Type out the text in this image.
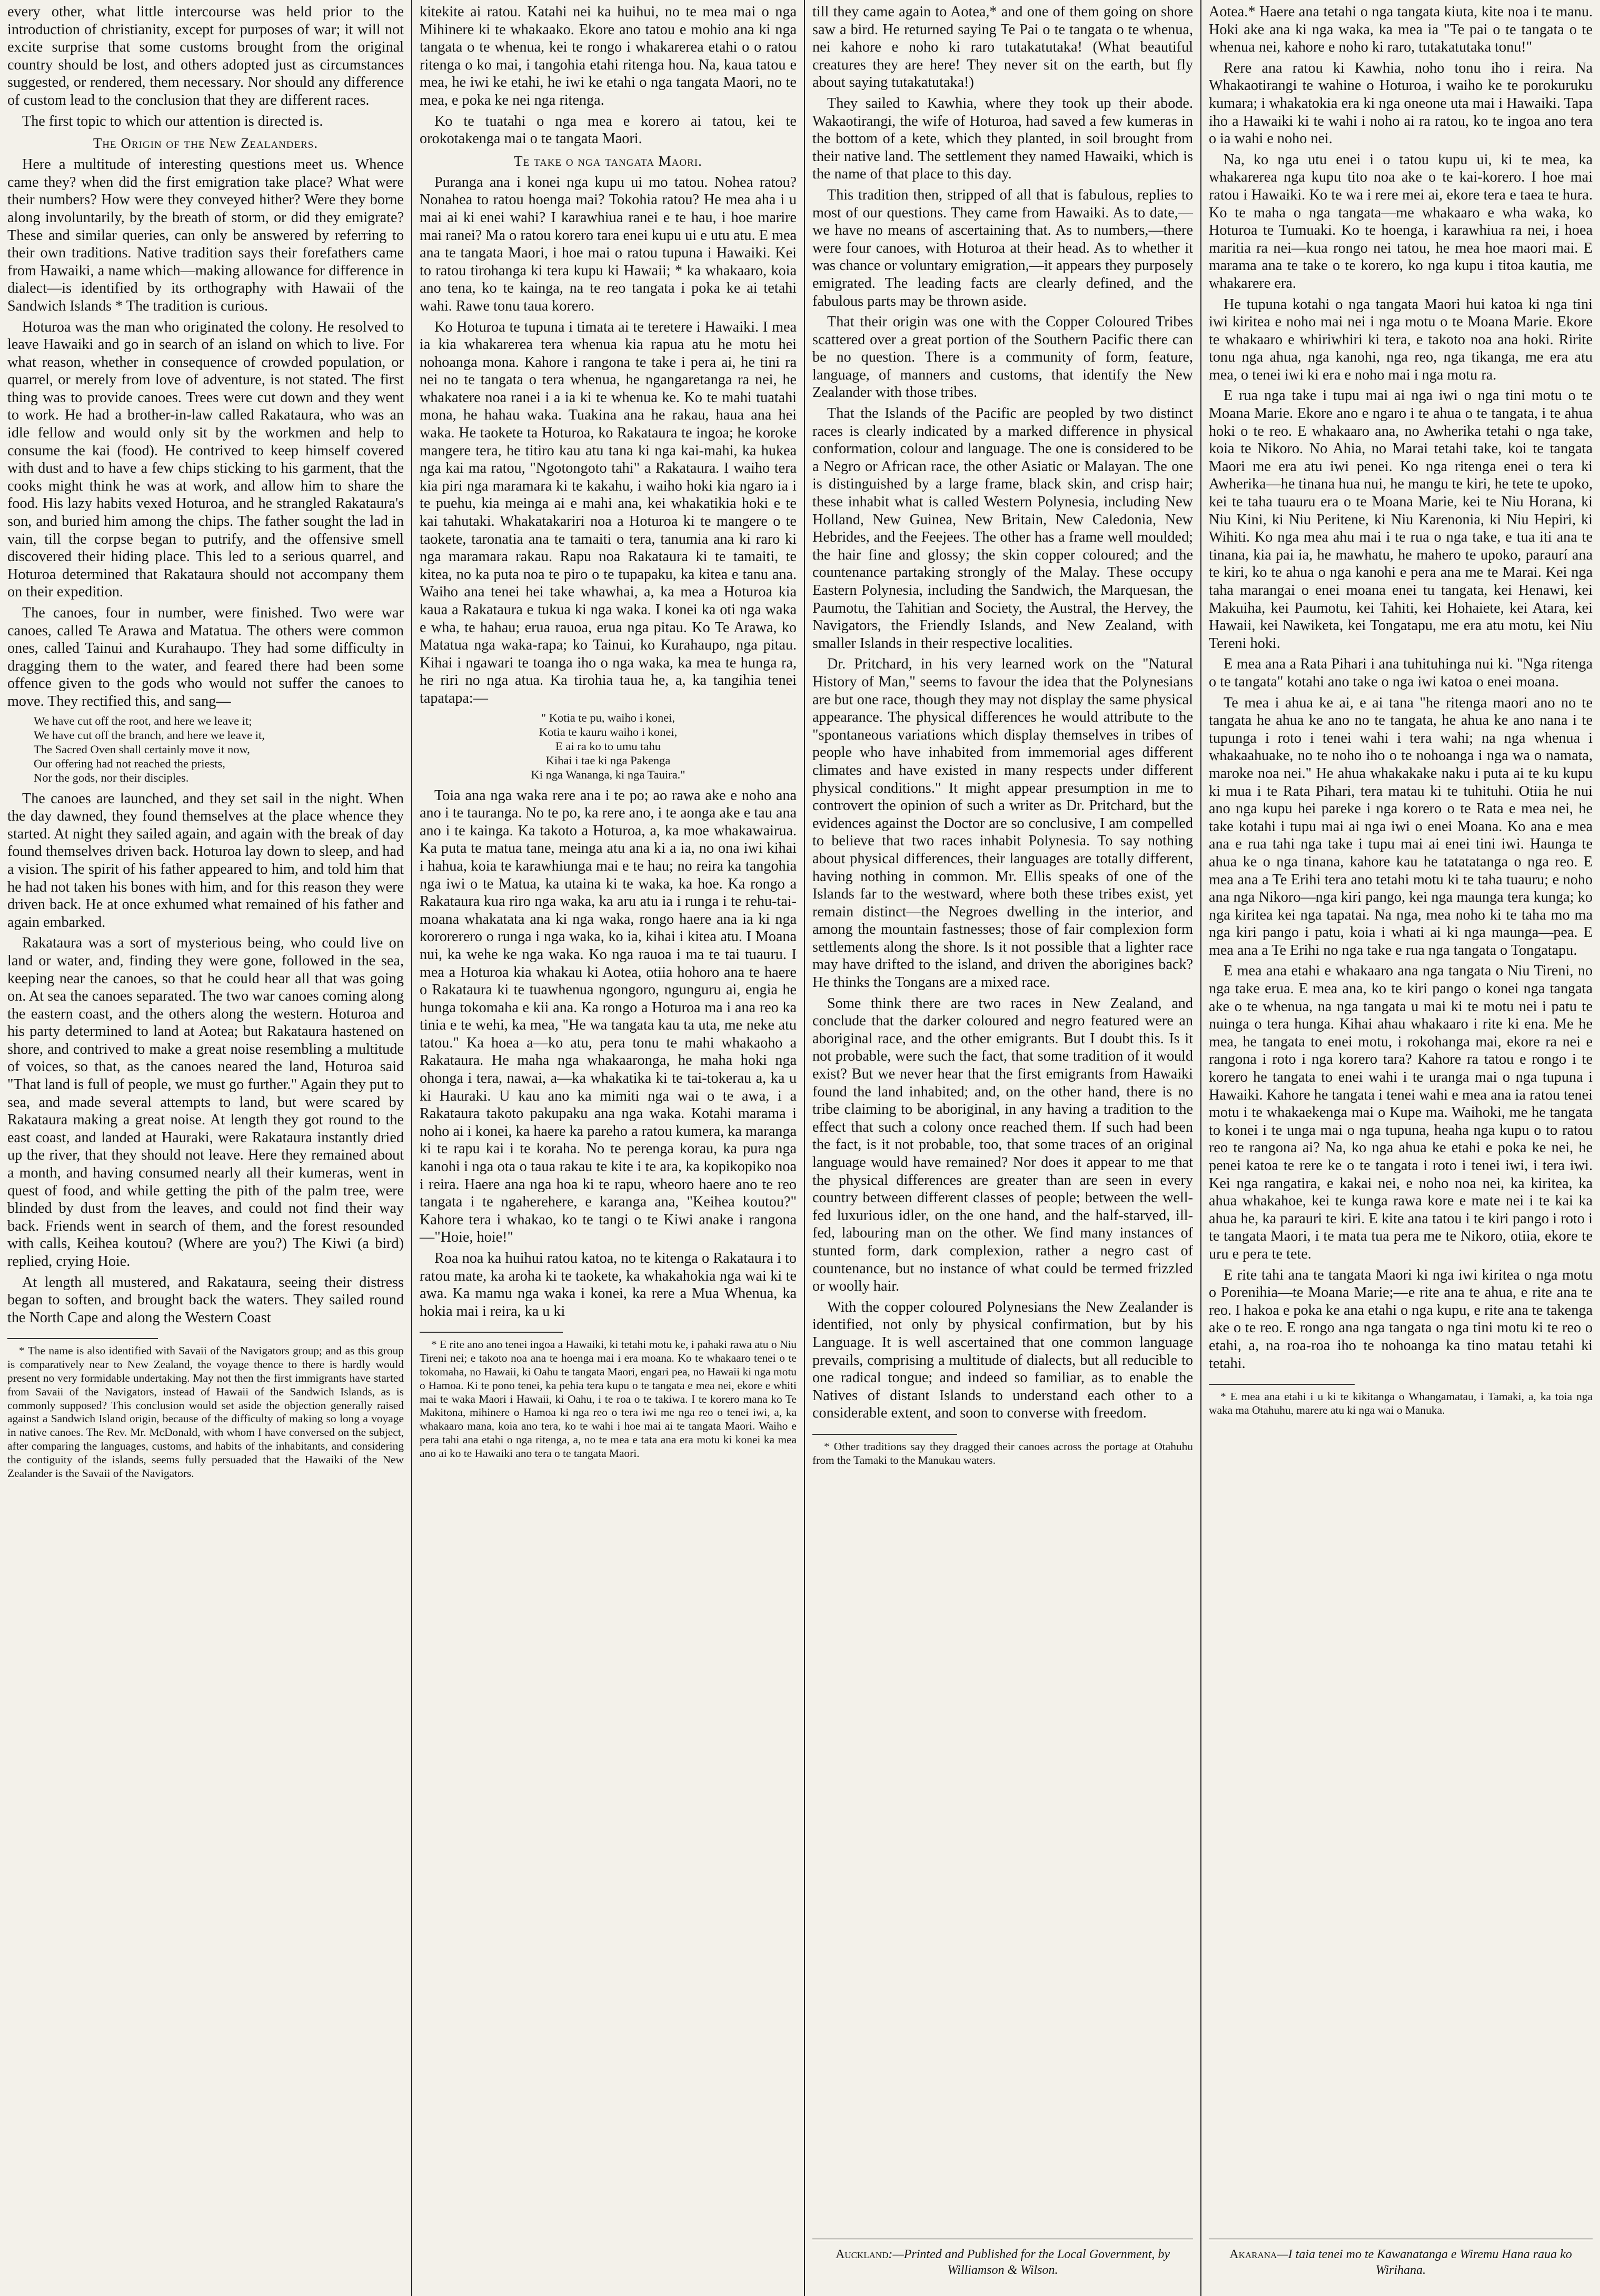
every other, what little intercourse was held prior to the introduction of christianity, except for purposes of war; it will not excite surprise that some customs brought from the original country should be lost, and others adopted just as circumstances suggested, or rendered, them necessary. Nor should any difference of custom lead to the conclusion that they are different races.

The first topic to which our attention is directed is.

The Origin of the New Zealanders.

Here a multitude of interesting questions meet us. Whence came they? when did the first emigration take place? What were their numbers? How were they conveyed hither? Were they borne along involuntarily, by the breath of storm, or did they emigrate? These and similar queries, can only be answered by referring to their own traditions. Native tradition says their forefathers came from Hawaiki, a name which—making allowance for difference in dialect—is identified by its orthography with Hawaii of the Sandwich Islands * The tradition is curious.

Hoturoa was the man who originated the colony. He resolved to leave Hawaiki and go in search of an island on which to live. For what reason, whether in consequence of crowded population, or quarrel, or merely from love of adventure, is not stated. The first thing was to provide canoes. Trees were cut down and they went to work. He had a brother-in-law called Rakataura, who was an idle fellow and would only sit by the workmen and help to consume the kai (food). He contrived to keep himself covered with dust and to have a few chips sticking to his garment, that the cooks might think he was at work, and allow him to share the food. His lazy habits vexed Hoturoa, and he strangled Rakataura's son, and buried him among the chips. The father sought the lad in vain, till the corpse began to putrify, and the offensive smell discovered their hiding place. This led to a serious quarrel, and Hoturoa determined that Rakataura should not accompany them on their expedition.

The canoes, four in number, were finished. Two were war canoes, called Te Arawa and Matatua. The others were common ones, called Tainui and Kurahaupo. They had some difficulty in dragging them to the water, and feared there had been some offence given to the gods who would not suffer the canoes to move. They rectified this, and sang—

We have cut off the root, and here we leave it;
We have cut off the branch, and here we leave it,
The Sacred Oven shall certainly move it now,
Our offering had not reached the priests,
Nor the gods, nor their disciples.

The canoes are launched, and they set sail in the night. When the day dawned, they found themselves at the place whence they started. At night they sailed again, and again with the break of day found themselves driven back. Hoturoa lay down to sleep, and had a vision. The spirit of his father appeared to him, and told him that he had not taken his bones with him, and for this reason they were driven back. He at once exhumed what remained of his father and again embarked.

Rakataura was a sort of mysterious being, who could live on land or water, and, finding they were gone, followed in the sea, keeping near the canoes, so that he could hear all that was going on. At sea the canoes separated. The two war canoes coming along the eastern coast, and the others along the western. Hoturoa and his party determined to land at Aotea; but Rakataura hastened on shore, and contrived to make a great noise resembling a multitude of voices, so that, as the canoes neared the land, Hoturoa said "That land is full of people, we must go further." Again they put to sea, and made several attempts to land, but were scared by Rakataura making a great noise. At length they got round to the east coast, and landed at Hauraki, were Rakataura instantly dried up the river, that they should not leave. Here they remained about a month, and having consumed nearly all their kumeras, went in quest of food, and while getting the pith of the palm tree, were blinded by dust from the leaves, and could not find their way back. Friends went in search of them, and the forest resounded with calls, Keihea koutou? (Where are you?) The Kiwi (a bird) replied, crying Hoie.

At length all mustered, and Rakataura, seeing their distress began to soften, and brought back the waters. They sailed round the North Cape and along the Western Coast

* The name is also identified with Savaii of the Navigators group; and as this group is comparatively near to New Zealand, the voyage thence to there is hardly would present no very formidable undertaking. May not then the first immigrants have started from Savaii of the Navigators, instead of Hawaii of the Sandwich Islands, as is commonly supposed? This conclusion would set aside the objection generally raised against a Sandwich Island origin, because of the difficulty of making so long a voyage in native canoes. The Rev. Mr. McDonald, with whom I have conversed on the subject, after comparing the languages, customs, and habits of the inhabitants, and considering the contiguity of the islands, seems fully persuaded that the Hawaiki of the New Zealander is the Savaii of the Navigators.

kitekite ai ratou. Katahi nei ka huihui, no te mea mai o nga Mihinere ki te whakaako. Ekore ano tatou e mohio ana ki nga tangata o te whenua, kei te rongo i whakarerea etahi o o ratou ritenga o ko mai, i tangohia etahi ritenga hou. Na, kaua tatou e mea, he iwi ke etahi, he iwi ke etahi o nga tangata Maori, no te mea, e poka ke nei nga ritenga.

Ko te tuatahi o nga mea e korero ai tatou, kei te orokotakenga mai o te tangata Maori.

Te take o nga tangata Maori.

Puranga ana i konei nga kupu ui mo tatou. Nohea ratou? Nonahea to ratou hoenga mai? Tokohia ratou? He mea aha i u mai ai ki enei wahi? I karawhiua ranei e te hau, i hoe marire mai ranei? Ma o ratou korero tara enei kupu ui e utu atu. E mea ana te tangata Maori, i hoe mai o ratou tupuna i Hawaiki. Kei to ratou tirohanga ki tera kupu ki Hawaii; * ka whakaaro, koia ano tena, ko te kainga, na te reo tangata i poka ke ai tetahi wahi. Rawe tonu taua korero.

Ko Hoturoa te tupuna i timata ai te teretere i Hawaiki. I mea ia kia whakarerea tera whenua kia rapua atu he motu hei nohoanga mona. Kahore i rangona te take i pera ai, he tini ra nei no te tangata o tera whenua, he ngangaretanga ra nei, he whakatere noa ranei i a ia ki te whenua ke. Ko te mahi tuatahi mona, he hahau waka. Tuakina ana he rakau, haua ana hei waka. He taokete ta Hoturoa, ko Rakataura te ingoa; he koroke mangere tera, he titiro kau atu tana ki nga kai-mahi, ka hukea nga kai ma ratou, "Ngotongoto tahi" a Rakataura. I waiho tera kia piri nga maramara ki te kakahu, i waiho hoki kia ngaro ia i te puehu, kia meinga ai e mahi ana, kei whakatikia hoki e te kai tahutaki. Whakatakariri noa a Hoturoa ki te mangere o te taokete, taronatia ana te tamaiti o tera, tanumia ana ki raro ki nga maramara rakau. Rapu noa Rakataura ki te tamaiti, te kitea, no ka puta noa te piro o te tupapaku, ka kitea e tanu ana. Waiho ana tenei hei take whawhai, a, ka mea a Hoturoa kia kaua a Rakataura e tukua ki nga waka. I konei ka oti nga waka e wha, te hahau; erua rauoa, erua nga pitau. Ko Te Arawa, ko Matatua nga waka-rapa; ko Tainui, ko Kurahaupo, nga pitau. Kihai i ngawari te toanga iho o nga waka, ka mea te hunga ra, he riri no nga atua. Ka tirohia taua he, a, ka tangihia tenei tapatapa:—

" Kotia te pu, waiho i konei,
Kotia te kauru waiho i konei,
E ai ra ko to umu tahu
Kihai i tae ki nga Pakenga
Ki nga Wananga, ki nga Tauira."

Toia ana nga waka rere ana i te po; ao rawa ake e noho ana ano i te tauranga. No te po, ka rere ano, i te aonga ake e tau ana ano i te kainga. Ka takoto a Hoturoa, a, ka moe whakawairua. Ka puta te matua tane, meinga atu ana ki a ia, no ona iwi kihai i hahua, koia te karawhiunga mai e te hau; no reira ka tangohia nga iwi o te Matua, ka utaina ki te waka, ka hoe. Ka rongo a Rakataura kua riro nga waka, ka aru atu ia i runga i te rehu-tai-moana whakatata ana ki nga waka, rongo haere ana ia ki nga kororerero o runga i nga waka, ko ia, kihai i kitea atu. I Moana nui, ka wehe ke nga waka. Ko nga rauoa i ma te tai tuauru. I mea a Hoturoa kia whakau ki Aotea, otiia hohoro ana te haere o Rakataura ki te tuawhenua ngongoro, ngunguru ai, engia he hunga tokomaha e kii ana. Ka rongo a Hoturoa ma i ana reo ka tinia e te wehi, ka mea, "He wa tangata kau ta uta, me neke atu tatou." Ka hoea a—ko atu, pera tonu te mahi whakaoho a Rakataura. He maha nga whakaaronga, he maha hoki nga ohonga i tera, nawai, a—ka whakatika ki te tai-tokerau a, ka u ki Hauraki. U kau ano ka mimiti nga wai o te awa, i a Rakataura takoto pakupaku ana nga waka. Kotahi marama i noho ai i konei, ka haere ka pareho a ratou kumera, ka maranga ki te rapu kai i te koraha. No te perenga korau, ka pura nga kanohi i nga ota o taua rakau te kite i te ara, ka kopikopiko noa i reira. Haere ana nga hoa ki te rapu, wheoro haere ano te reo tangata i te ngaherehere, e karanga ana, "Keihea koutou?" Kahore tera i whakao, ko te tangi o te Kiwi anake i rangona—"Hoie, hoie!"

Roa noa ka huihui ratou katoa, no te kitenga o Rakataura i to ratou mate, ka aroha ki te taokete, ka whakahokia nga wai ki te awa. Ka mamu nga waka i konei, ka rere a Mua Whenua, ka hokia mai i reira, ka u ki

* E rite ano ano tenei ingoa a Hawaiki, ki tetahi motu ke, i pahaki rawa atu o Niu Tireni nei; e takoto noa ana te hoenga mai i era moana. Ko te whakaaro tenei o te tokomaha, no Hawaii, ki Oahu te tangata Maori, engari pea, no Hawaii ki nga motu o Hamoa. Ki te pono tenei, ka pehia tera kupu o te tangata e mea nei, ekore e whiti mai te waka Maori i Hawaii, ki Oahu, i te roa o te takiwa. I te korero mana ko Te Makitona, mihinere o Hamoa ki nga reo o tera iwi me nga reo o tenei iwi, a, ka whakaaro mana, koia ano tera, ko te wahi i hoe mai ai te tangata Maori. Waiho e pera tahi ana etahi o nga ritenga, a, no te mea e tata ana era motu ki konei ka mea ano ai ko te Hawaiki ano tera o te tangata Maori.

till they came again to Aotea,* and one of them going on shore saw a bird. He returned saying Te Pai o te tangata o te whenua, nei kahore e noho ki raro tutakatutaka! (What beautiful creatures they are here! They never sit on the earth, but fly about saying tutakatutaka!)

They sailed to Kawhia, where they took up their abode. Wakaotirangi, the wife of Hoturoa, had saved a few kumeras in the bottom of a kete, which they planted, in soil brought from their native land. The settlement they named Hawaiki, which is the name of that place to this day.

This tradition then, stripped of all that is fabulous, replies to most of our questions. They came from Hawaiki. As to date,—we have no means of ascertaining that. As to numbers,—there were four canoes, with Hoturoa at their head. As to whether it was chance or voluntary emigration,—it appears they purposely emigrated. The leading facts are clearly defined, and the fabulous parts may be thrown aside.

That their origin was one with the Copper Coloured Tribes scattered over a great portion of the Southern Pacific there can be no question. There is a community of form, feature, language, of manners and customs, that identify the New Zealander with those tribes.

That the Islands of the Pacific are peopled by two distinct races is clearly indicated by a marked difference in physical conformation, colour and language. The one is considered to be a Negro or African race, the other Asiatic or Malayan. The one is distinguished by a large frame, black skin, and crisp hair; these inhabit what is called Western Polynesia, including New Holland, New Guinea, New Britain, New Caledonia, New Hebrides, and the Feejees. The other has a frame well moulded; the hair fine and glossy; the skin copper coloured; and the countenance partaking strongly of the Malay. These occupy Eastern Polynesia, including the Sandwich, the Marquesan, the Paumotu, the Tahitian and Society, the Austral, the Hervey, the Navigators, the Friendly Islands, and New Zealand, with smaller Islands in their respective localities.

Dr. Pritchard, in his very learned work on the "Natural History of Man," seems to favour the idea that the Polynesians are but one race, though they may not display the same physical appearance. The physical differences he would attribute to the "spontaneous variations which display themselves in tribes of people who have inhabited from immemorial ages different climates and have existed in many respects under different physical conditions." It might appear presumption in me to controvert the opinion of such a writer as Dr. Pritchard, but the evidences against the Doctor are so conclusive, I am compelled to believe that two races inhabit Polynesia. To say nothing about physical differences, their languages are totally different, having nothing in common. Mr. Ellis speaks of one of the Islands far to the westward, where both these tribes exist, yet remain distinct—the Negroes dwelling in the interior, and among the mountain fastnesses; those of fair complexion form settlements along the shore. Is it not possible that a lighter race may have drifted to the island, and driven the aborigines back? He thinks the Tongans are a mixed race.

Some think there are two races in New Zealand, and conclude that the darker coloured and negro featured were an aboriginal race, and the other emigrants. But I doubt this. Is it not probable, were such the fact, that some tradition of it would exist? But we never hear that the first emigrants from Hawaiki found the land inhabited; and, on the other hand, there is no tribe claiming to be aboriginal, in any having a tradition to the effect that such a colony once reached them. If such had been the fact, is it not probable, too, that some traces of an original language would have remained? Nor does it appear to me that the physical differences are greater than are seen in every country between different classes of people; between the well-fed luxurious idler, on the one hand, and the half-starved, ill-fed, labouring man on the other. We find many instances of stunted form, dark complexion, rather a negro cast of countenance, but no instance of what could be termed frizzled or woolly hair.

With the copper coloured Polynesians the New Zealander is identified, not only by physical confirmation, but by his Language. It is well ascertained that one common language prevails, comprising a multitude of dialects, but all reducible to one radical tongue; and indeed so familiar, as to enable the Natives of distant Islands to understand each other to a considerable extent, and soon to converse with freedom.

* Other traditions say they dragged their canoes across the portage at Otahuhu from the Tamaki to the Manukau waters.

Auckland:—Printed and Published for the Local Government, by Williamson & Wilson.

Aotea.* Haere ana tetahi o nga tangata kiuta, kite noa i te manu. Hoki ake ana ki nga waka, ka mea ia "Te pai o te tangata o te whenua nei, kahore e noho ki raro, tutakatutaka tonu!"

Rere ana ratou ki Kawhia, noho tonu iho i reira. Na Whakaotirangi te wahine o Hoturoa, i waiho ke te porokuruku kumara; i whakatokia era ki nga oneone uta mai i Hawaiki. Tapa iho a Hawaiki ki te wahi i noho ai ra ratou, ko te ingoa ano tera o ia wahi e noho nei.

Na, ko nga utu enei i o tatou kupu ui, ki te mea, ka whakarerea nga kupu tito noa ake o te kai-korero. I hoe mai ratou i Hawaiki. Ko te wa i rere mei ai, ekore tera e taea te hura. Ko te maha o nga tangata—me whakaaro e wha waka, ko Hoturoa te Tumuaki. Ko te hoenga, i karawhiua ra nei, i hoea maritia ra nei—kua rongo nei tatou, he mea hoe maori mai. E marama ana te take o te korero, ko nga kupu i titoa kautia, me whakarere era.

He tupuna kotahi o nga tangata Maori hui katoa ki nga tini iwi kiritea e noho mai nei i nga motu o te Moana Marie. Ekore te whakaaro e whiriwhiri ki tera, e takoto noa ana hoki. Ririte tonu nga ahua, nga kanohi, nga reo, nga tikanga, me era atu mea, o tenei iwi ki era e noho mai i nga motu ra.

E rua nga take i tupu mai ai nga iwi o nga tini motu o te Moana Marie. Ekore ano e ngaro i te ahua o te tangata, i te ahua hoki o te reo. E whakaaro ana, no Awherika tetahi o nga take, koia te Nikoro. No Ahia, no Marai tetahi take, koi te tangata Maori me era atu iwi penei. Ko nga ritenga enei o tera ki Awherika—he tinana hua nui, he mangu te kiri, he tete te upoko, kei te taha tuauru era o te Moana Marie, kei te Niu Horana, ki Niu Kini, ki Niu Peritene, ki Niu Karenonia, ki Niu Hepiri, ki Wihiti. Ko nga mea ahu mai i te rua o nga take, e tua iti ana te tinana, kia pai ia, he mawhatu, he mahero te upoko, paraurí ana te kiri, ko te ahua o nga kanohi e pera ana me te Marai. Kei nga taha marangai o enei moana enei tu tangata, kei Henawi, kei Makuiha, kei Paumotu, kei Tahiti, kei Hohaiete, kei Atara, kei Hawaii, kei Nawiketa, kei Tongatapu, me era atu motu, kei Niu Tereni hoki.

E mea ana a Rata Pihari i ana tuhituhinga nui ki. "Nga ritenga o te tangata" kotahi ano take o nga iwi katoa o enei moana.

Te mea i ahua ke ai, e ai tana "he ritenga maori ano no te tangata he ahua ke ano no te tangata, he ahua ke ano nana i te tupunga i roto i tenei wahi i tera wahi; na nga whenua i whakaahuake, no te noho iho o te nohoanga i nga wa o namata, maroke noa nei." He ahua whakakake naku i puta ai te ku kupu ki mua i te Rata Pihari, tera matau ki te tuhituhi. Otiia he nui ano nga kupu hei pareke i nga korero o te Rata e mea nei, he take kotahi i tupu mai ai nga iwi o enei Moana. Ko ana e mea ana e rua tahi nga take i tupu mai ai enei tini iwi. Haunga te ahua ke o nga tinana, kahore kau he tatatatanga o nga reo. E mea ana a Te Erihi tera ano tetahi motu ki te taha tuauru; e noho ana nga Nikoro—nga kiri pango, kei nga maunga tera kunga; ko nga kiritea kei nga tapatai. Na nga, mea noho ki te taha mo ma nga kiri pango i patu, koia i whati ai ki nga maunga—pea. E mea ana a Te Erihi no nga take e rua nga tangata o Tongatapu.

E mea ana etahi e whakaaro ana nga tangata o Niu Tireni, no nga take erua. E mea ana, ko te kiri pango o konei nga tangata ake o te whenua, na nga tangata u mai ki te motu nei i patu te nuinga o tera hunga. Kihai ahau whakaaro i rite ki ena. Me he mea, he tangata to enei motu, i rokohanga mai, ekore ra nei e rangona i roto i nga korero tara? Kahore ra tatou e rongo i te korero he tangata to enei wahi i te uranga mai o nga tupuna i Hawaiki. Kahore he tangata i tenei wahi e mea ana ia ratou tenei motu i te whakaekenga mai o Kupe ma. Waihoki, me he tangata to konei i te unga mai o nga tupuna, heaha nga kupu o to ratou reo te rangona ai? Na, ko nga ahua ke etahi e poka ke nei, he penei katoa te rere ke o te tangata i roto i tenei iwi, i tera iwi. Kei nga rangatira, e kakai nei, e noho noa nei, ka kiritea, ka ahua whakahoe, kei te kunga rawa kore e mate nei i te kai ka ahua he, ka parauri te kiri. E kite ana tatou i te kiri pango i roto i te tangata Maori, i te mata tua pera me te Nikoro, otiia, ekore te uru e pera te tete.

E rite tahi ana te tangata Maori ki nga iwi kiritea o nga motu o Porenihia—te Moana Marie;—e rite ana te ahua, e rite ana te reo. I hakoa e poka ke ana etahi o nga kupu, e rite ana te takenga ake o te reo. E rongo ana nga tangata o nga tini motu ki te reo o etahi, a, na roa-roa iho te nohoanga ka tino matau tetahi ki tetahi.

* E mea ana etahi i u ki te kikitanga o Whangamatau, i Tamaki, a, ka toia nga waka ma Otahuhu, marere atu ki nga wai o Manuka.

Akarana—I taia tenei mo te Kawanatanga e Wiremu Hana raua ko Wirihana.
